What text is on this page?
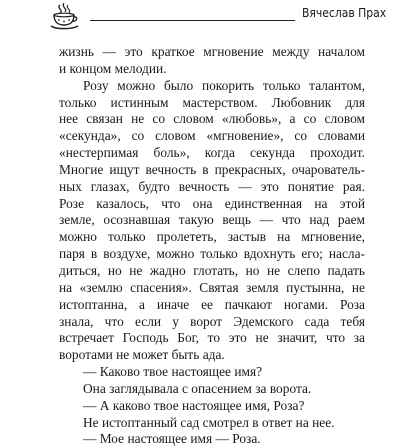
Вячеслав Прах
жизнь — это краткое мгновение между началом
и концом мелодии.
Розу можно было покорить только талантом,
только истинным мастерством. Любовник для
нее связан не со словом «любовь», а со словом
«секунда», со словом «мгновение», со словами
«нестерпимая боль», когда секунда проходит.
Многие ищут вечность в прекрасных, очарователь-
ных глазах, будто вечность — это понятие рая.
Розе казалось, что она единственная на этой
земле, осознавшая такую вещь — что над раем
можно только пролететь, застыв на мгновение,
паря в воздухе, можно только вдохнуть его; насла-
диться, но не жадно глотать, но не слепо падать
на «землю спасения». Святая земля пустынна, не
истоптанна, а иначе ее пачкают ногами. Роза
знала, что если у ворот Эдемского сада тебя
встречает Господь Бог, то это не значит, что за
воротами не может быть ада.
— Каково твое настоящее имя?
Она заглядывала с опасением за ворота.
— А каково твое настоящее имя, Роза?
Не истоптанный сад смотрел в ответ на нее.
— Мое настоящее имя — Роза.
